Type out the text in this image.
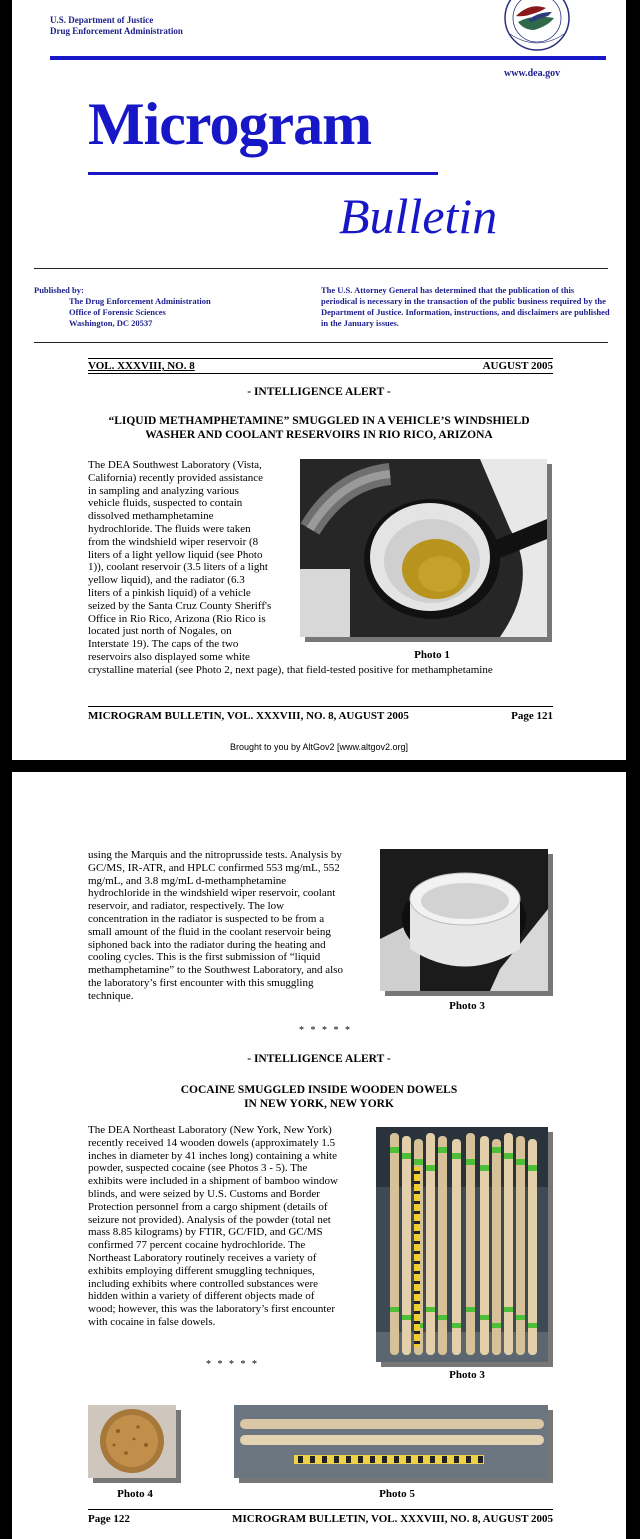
U.S. Department of Justice
Drug Enforcement Administration
www.dea.gov
Microgram
Bulletin
Published by:
The Drug Enforcement Administration
Office of Forensic Sciences
Washington, DC 20537
The U.S. Attorney General has determined that the publication of this periodical is necessary in the transaction of the public business required by the Department of Justice. Information, instructions, and disclaimers are published in the January issues.
VOL. XXXVIII, NO. 8	AUGUST 2005
- INTELLIGENCE ALERT -
“LIQUID METHAMPHETAMINE” SMUGGLED IN A VEHICLE’S WINDSHIELD
WASHER AND COOLANT RESERVOIRS IN RIO RICO, ARIZONA
The DEA Southwest Laboratory (Vista,
California) recently provided assistance
in sampling and analyzing various
vehicle fluids, suspected to contain
dissolved methamphetamine
hydrochloride. The fluids were taken
from the windshield wiper reservoir (8
liters of a light yellow liquid (see Photo
1)), coolant reservoir (3.5 liters of a light
yellow liquid), and the radiator (6.3
liters of a pinkish liquid) of a vehicle
seized by the Santa Cruz County Sheriff's
Office in Rio Rico, Arizona (Rio Rico is
located just north of Nogales, on
Interstate 19). The caps of the two
reservoirs also displayed some white
crystalline material (see Photo 2, next page), that field-tested positive for methamphetamine
Photo 1
MICROGRAM BULLETIN, VOL. XXXVIII, NO. 8, AUGUST 2005	Page 121
Brought to you by AltGov2 [www.altgov2.org]
using the Marquis and the nitroprusside tests. Analysis by
GC/MS, IR-ATR, and HPLC confirmed 553 mg/mL, 552
mg/mL, and 3.8 mg/mL d-methamphetamine
hydrochloride in the windshield wiper reservoir, coolant
reservoir, and radiator, respectively. The low
concentration in the radiator is suspected to be from a
small amount of the fluid in the coolant reservoir being
siphoned back into the radiator during the heating and
cooling cycles. This is the first submission of “liquid
methamphetamine” to the Southwest Laboratory, and also
the laboratory’s first encounter with this smuggling
technique.
Photo 3
* * * * *
- INTELLIGENCE ALERT -
COCAINE SMUGGLED INSIDE WOODEN DOWELS
IN NEW YORK, NEW YORK
The DEA Northeast Laboratory (New York, New York)
recently received 14 wooden dowels (approximately 1.5
inches in diameter by 41 inches long) containing a white
powder, suspected cocaine (see Photos 3 - 5). The
exhibits were included in a shipment of bamboo window
blinds, and were seized by U.S. Customs and Border
Protection personnel from a cargo shipment (details of
seizure not provided). Analysis of the powder (total net
mass 8.85 kilograms) by FTIR, GC/FID, and GC/MS
confirmed 77 percent cocaine hydrochloride. The
Northeast Laboratory routinely receives a variety of
exhibits employing different smuggling techniques,
including exhibits where controlled substances were
hidden within a variety of different objects made of
wood; however, this was the laboratory’s first encounter
with cocaine in false dowels.
* * * * *
Photo 3
Photo 4	Photo 5
Page 122	MICROGRAM BULLETIN, VOL. XXXVIII, NO. 8, AUGUST 2005
